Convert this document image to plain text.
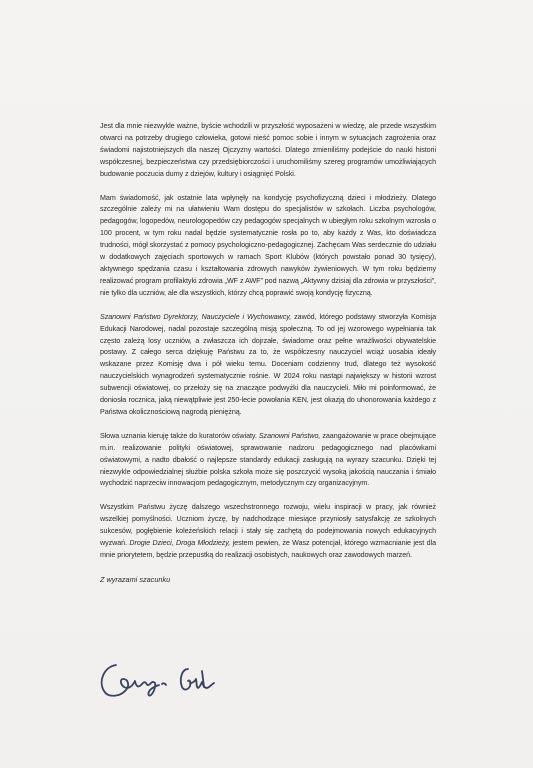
Jest dla mnie niezwykle ważne, byście wchodzili w przyszłość wyposażeni w wiedzę, ale przede wszystkim otwarci na potrzeby drugiego człowieka, gotowi nieść pomoc sobie i innym w sytuacjach zagrożenia oraz świadomi najistotniejszych dla naszej Ojczyzny wartości. Dlatego zmieniliśmy podejście do nauki historii współczesnej, bezpieczeństwa czy przedsiębiorczości i uruchomiliśmy szereg programów umożliwiających budowanie poczucia dumy z dziejów, kultury i osiągnięć Polski.

Mam świadomość, jak ostatnie lata wpłynęły na kondycję psychofizyczną dzieci i młodzieży. Dlatego szczególnie zależy mi na ułatwieniu Wam dostępu do specjalistów w szkołach. Liczba psychologów, pedagogów, logopedów, neurologopedów czy pedagogów specjalnych w ubiegłym roku szkolnym wzrosła o 100 procent, w tym roku nadal będzie systematycznie rosła po to, aby każdy z Was, kto doświadcza trudności, mógł skorzystać z pomocy psychologiczno-pedagogicznej. Zachęcam Was serdecznie do udziału w dodatkowych zajęciach sportowych w ramach Sport Klubów (których powstało ponad 30 tysięcy), aktywnego spędzania czasu i kształtowania zdrowych nawyków żywieniowych. W tym roku będziemy realizować program profilaktyki zdrowia „WF z AWF” pod nazwą „Aktywny dzisiaj dla zdrowia w przyszłości”, nie tylko dla uczniów, ale dla wszystkich, którzy chcą poprawić swoją kondycję fizyczną.

Szanowni Państwo Dyrektorzy, Nauczyciele i Wychowawcy, zawód, którego podstawy stworzyła Komisja Edukacji Narodowej, nadal pozostaje szczególną misją społeczną. To od jej wzorowego wypełniania tak często zależą losy uczniów, a zwłaszcza ich dojrzałe, świadome oraz pełne wrażliwości obywatelskie postawy. Z całego serca dziękuję Państwu za to, że współczesny nauczyciel wciąż uosabia ideały wskazane przez Komisję dwa i pół wieku temu. Doceniam codzienny trud, dlatego też wysokość nauczycielskich wynagrodzeń systematycznie rośnie. W 2024 roku nastąpi największy w historii wzrost subwencji oświatowej, co przełoży się na znaczące podwyżki dla nauczycieli. Miło mi poinformować, że doniosła rocznica, jaką niewątpliwie jest 250-lecie powołania KEN, jest okazją do uhonorowania każdego z Państwa okolicznościową nagrodą pieniężną.

Słowa uznania kieruję także do kuratorów oświaty. Szanowni Państwo, zaangażowanie w prace obejmujące m.in. realizowanie polityki oświatowej, sprawowanie nadzoru pedagogicznego nad placówkami oświatowymi, a nadto dbałość o najlepsze standardy edukacji zasługują na wyrazy szacunku. Dzięki tej niezwykle odpowiedzialnej służbie polska szkoła może się poszczycić wysoką jakością nauczania i śmiało wychodzić naprzeciw innowacjom pedagogicznym, metodycznym czy organizacyjnym.

Wszystkim Państwu życzę dalszego wszechstronnego rozwoju, wielu inspiracji w pracy, jak również wszelkiej pomyślności. Uczniom życzę, by nadchodzące miesiące przyniosły satysfakcję ze szkolnych sukcesów, pogłębienie koleżeńskich relacji i stały się zachętą do podejmowania nowych edukacyjnych wyzwań. Drogie Dzieci, Droga Młodzieży, jestem pewien, że Wasz potencjał, którego wzmacnianie jest dla mnie priorytetem, będzie przepustką do realizacji osobistych, naukowych oraz zawodowych marzeń.

Z wyrazami szacunku
